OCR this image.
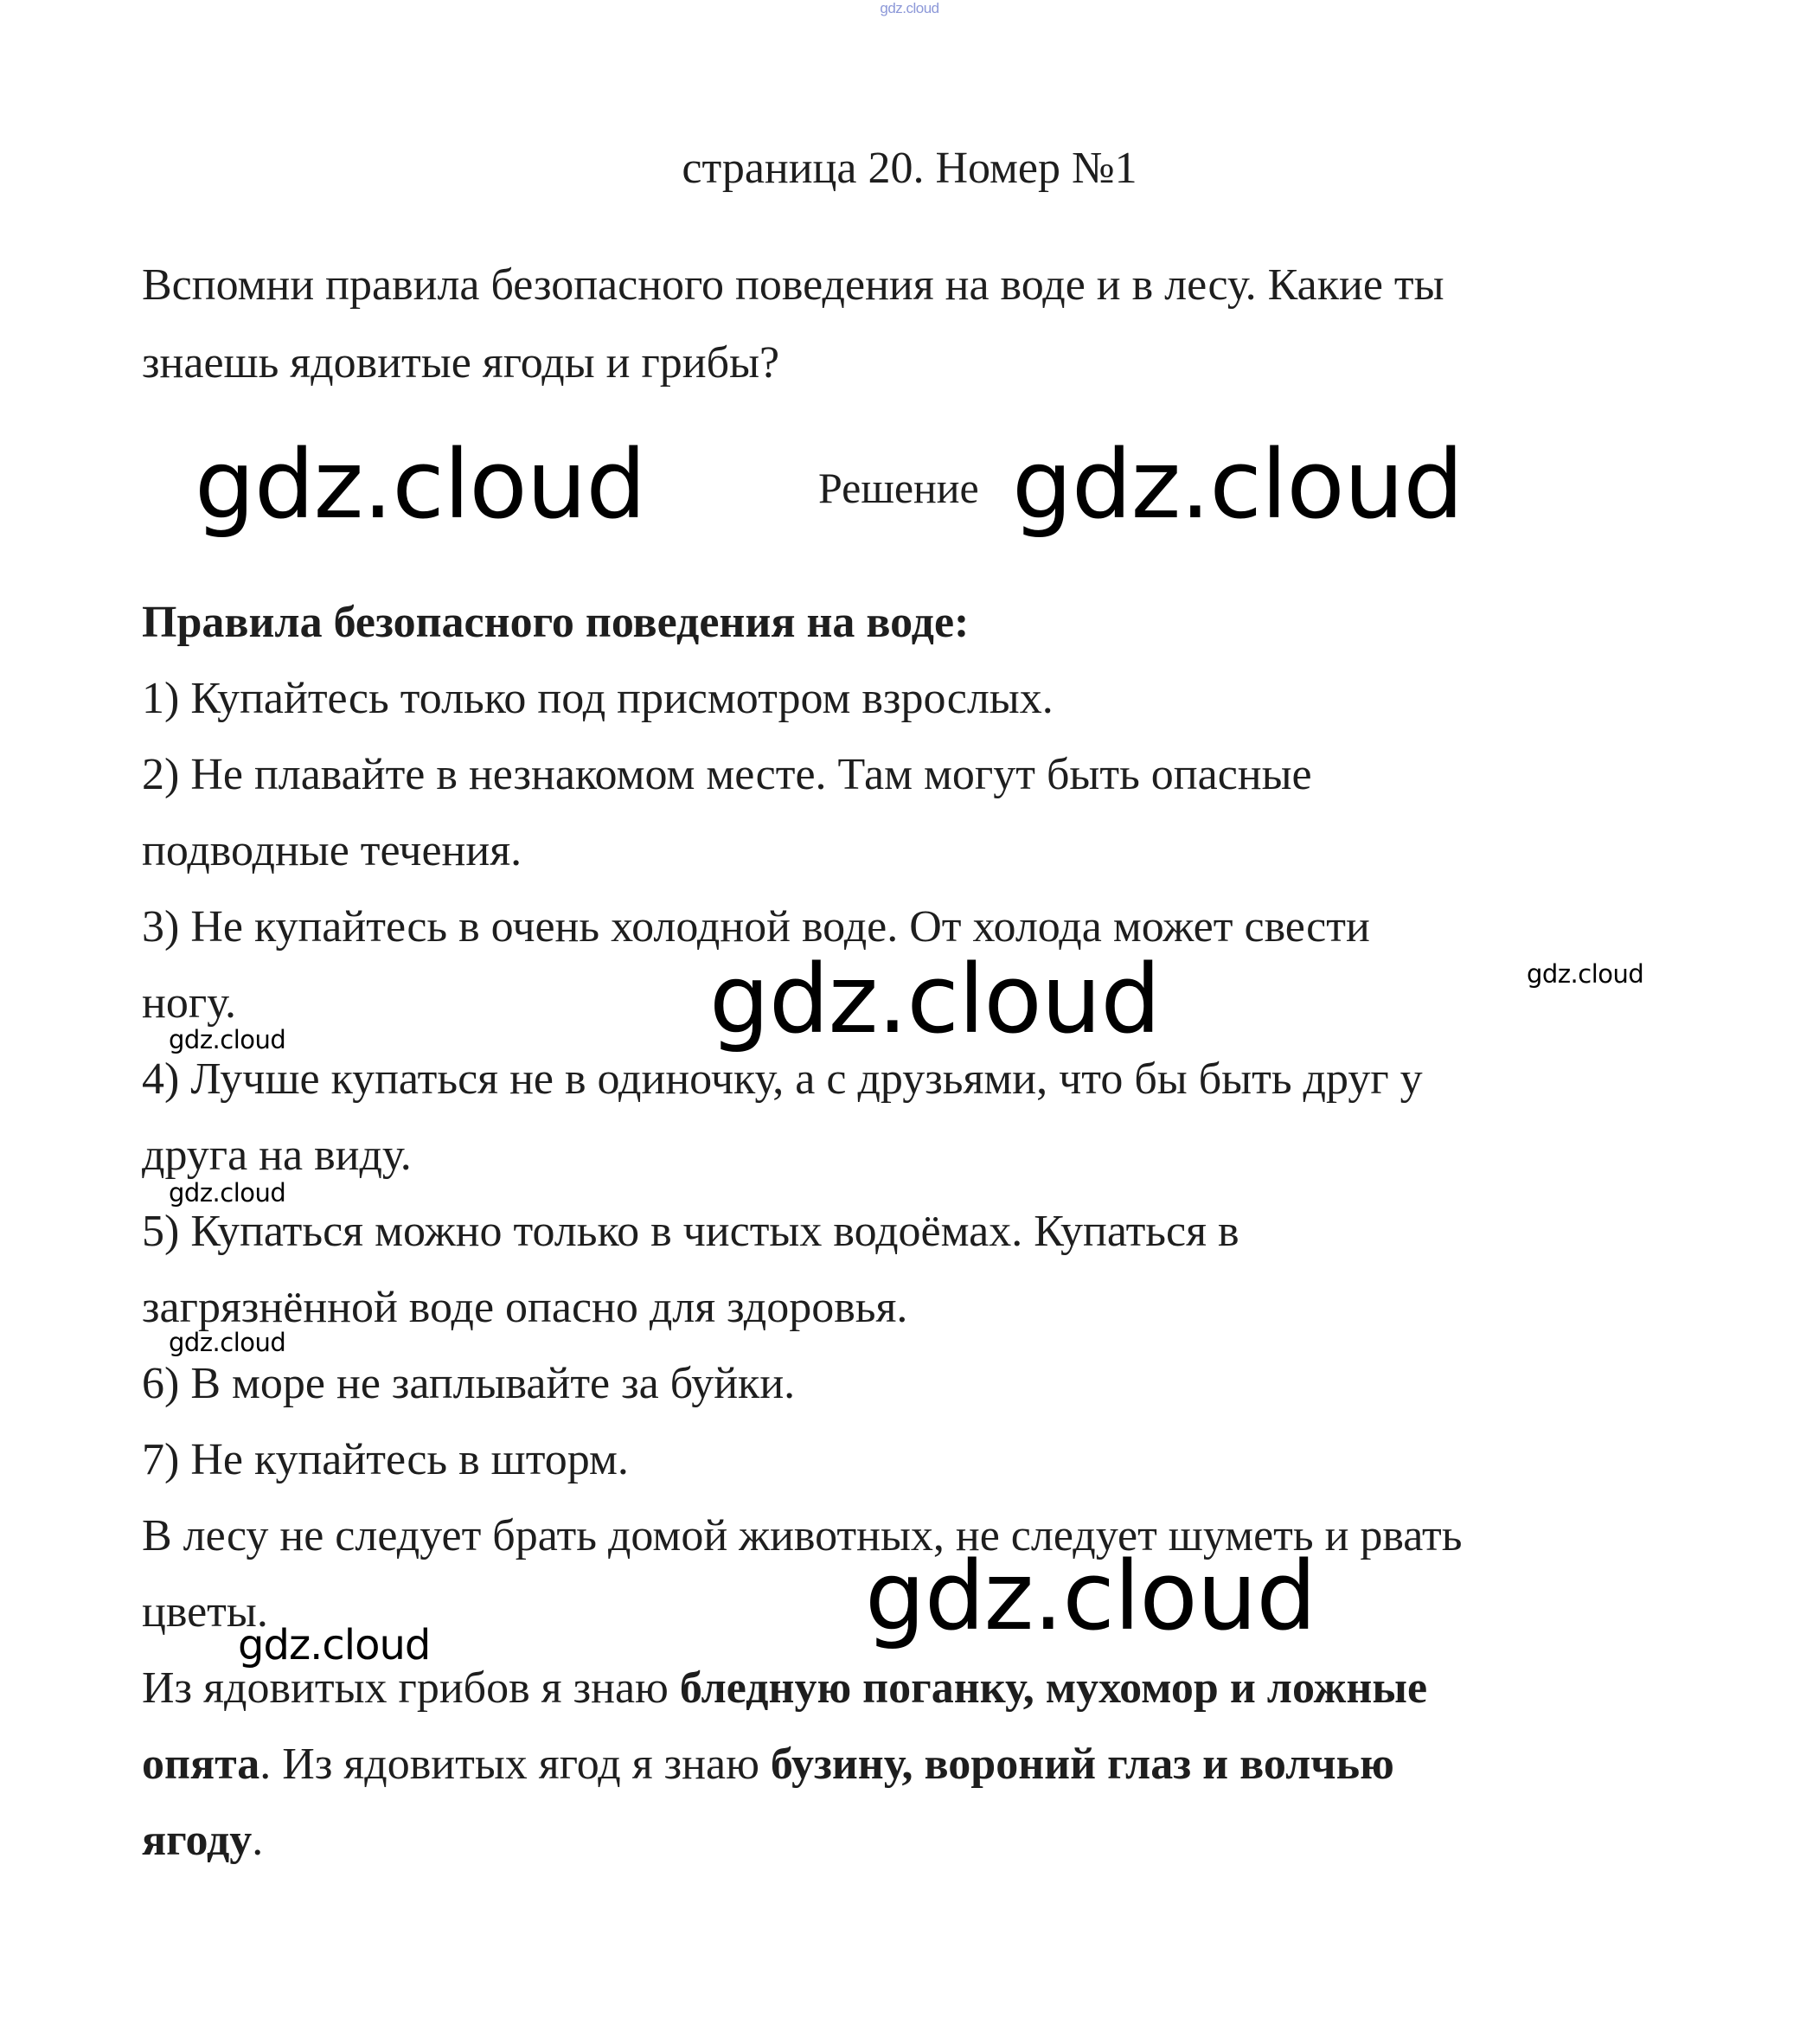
gdz.cloud
страница 20. Номер №1
Вспомни правила безопасного поведения на воде и в лесу. Какие ты
знаешь ядовитые ягоды и грибы?
gdz.cloud	Решение gdz.cloud
Правила безопасного поведения на воде:
1) Купайтесь только под присмотром взрослых.
2) Не плавайте в незнакомом месте. Там могут быть опасные
подводные течения.
3) Не купайтесь в очень холодной воде. От холода может свести
ногу.
4) Лучше купаться не в одиночку, а с друзьями, что бы быть друг у
друга на виду.
5) Купаться можно только в чистых водоёмах. Купаться в
загрязнённой воде опасно для здоровья.
6) В море не заплывайте за буйки.
7) Не купайтесь в шторм.
gdz.cloud	gdz.cloud
gdz.cloud
gdz.cloud
gdz.cloud
В лесу не следует брать домой животных, не следует шуметь и рвать
цветы.	gdz.cloud
gdz.cloud
Из ядовитых грибов я знаю бледную поганку, мухомор и ложные
опята. Из ядовитых ягод я знаю бузину, вороний глаз и волчью
ягоду.
